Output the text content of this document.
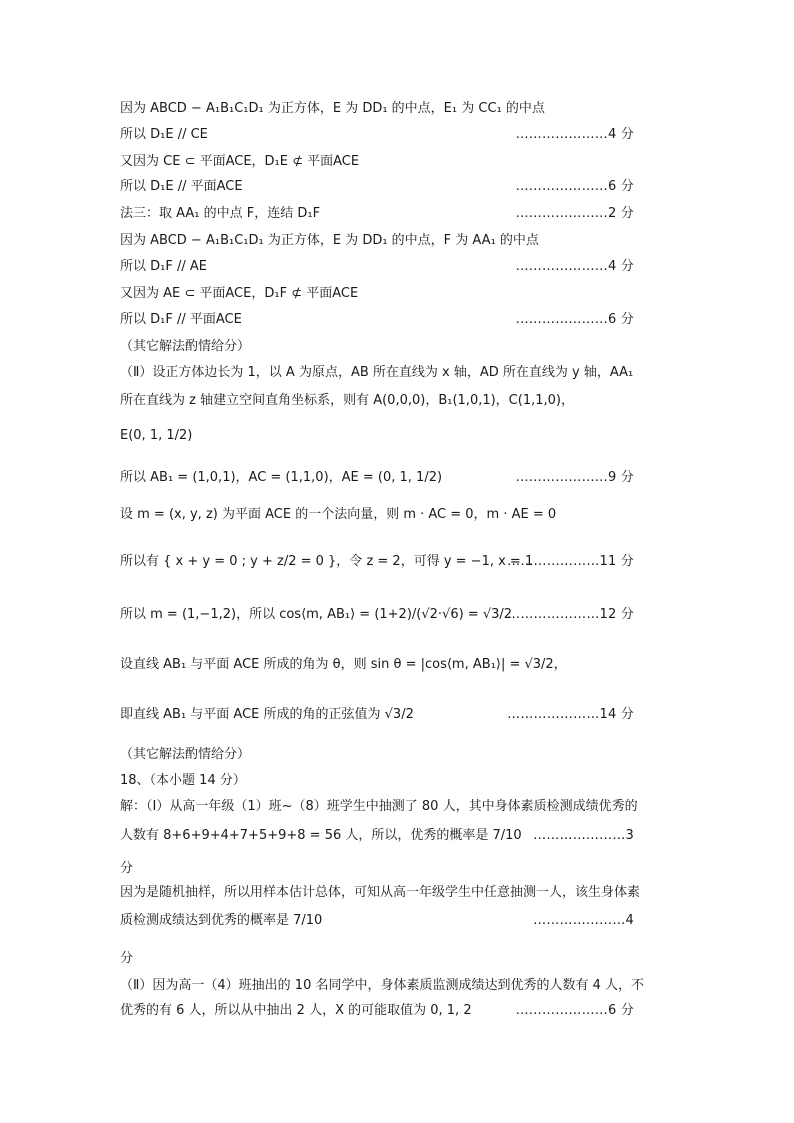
因为 ABCD − A₁B₁C₁D₁ 为正方体，E 为 DD₁ 的中点，E₁ 为 CC₁ 的中点
所以 D₁E // CE	…………………4 分
又因为 CE ⊂ 平面ACE，D₁E ⊄ 平面ACE
所以 D₁E // 平面ACE	…………………6 分
法三：取 AA₁ 的中点 F，连结 D₁F	…………………2 分
因为 ABCD − A₁B₁C₁D₁ 为正方体，E 为 DD₁ 的中点，F 为 AA₁ 的中点
所以 D₁F // AE	…………………4 分
又因为 AE ⊂ 平面ACE，D₁F ⊄ 平面ACE
所以 D₁F // 平面ACE	…………………6 分
（其它解法酌情给分）
（Ⅱ）设正方体边长为 1，以 A 为原点，AB 所在直线为 x 轴，AD 所在直线为 y 轴，AA₁
所在直线为 z 轴建立空间直角坐标系，则有 A(0,0,0)，B₁(1,0,1)，C(1,1,0)，
E(0, 1, 1/2)
所以 AB₁ = (1,0,1)，AC = (1,1,0)，AE = (0, 1, 1/2)	…………………9 分
设 m = (x, y, z) 为平面 ACE 的一个法向量，则 m · AC = 0，m · AE = 0
所以有 { x + y = 0 ; y + z/2 = 0 }，令 z = 2，可得 y = −1, x = 1
…………………11 分
所以 m = (1,−1,2)，所以 cos⟨m, AB₁⟩ = (1+2)/(√2·√6) = √3/2
…………………12 分
设直线 AB₁ 与平面 ACE 所成的角为 θ，则 sin θ = |cos⟨m, AB₁⟩| = √3/2，
即直线 AB₁ 与平面 ACE 所成的角的正弦值为 √3/2	…………………14 分
（其它解法酌情给分）
18、（本小题 14 分）
解：（Ⅰ）从高一年级（1）班~（8）班学生中抽测了 80 人，其中身体素质检测成绩优秀的
人数有 8+6+9+4+7+5+9+8 = 56 人，所以，优秀的概率是 7/10 …………………3
分
因为是随机抽样，所以用样本估计总体，可知从高一年级学生中任意抽测一人，该生身体素
质检测成绩达到优秀的概率是 7/10	…………………4
分
（Ⅱ）因为高一（4）班抽出的 10 名同学中，身体素质监测成绩达到优秀的人数有 4 人，不
优秀的有 6 人，所以从中抽出 2 人，X 的可能取值为 0, 1, 2	…………………6 分
